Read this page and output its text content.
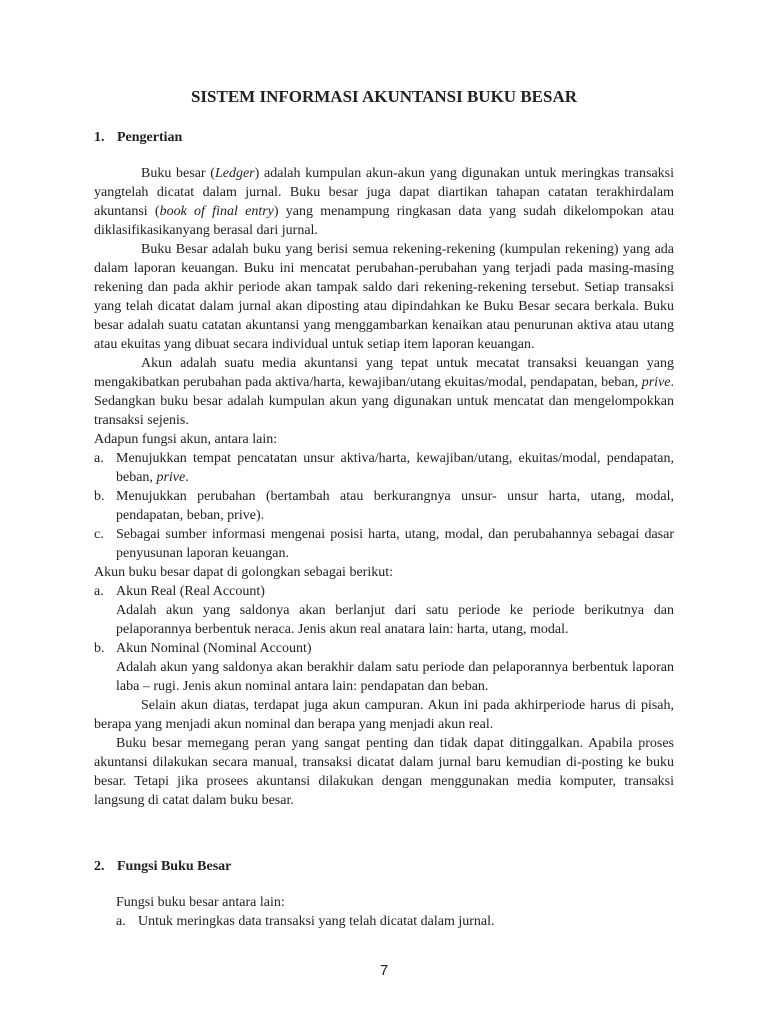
SISTEM INFORMASI AKUNTANSI BUKU BESAR
1. Pengertian

Buku besar (Ledger) adalah kumpulan akun-akun yang digunakan untuk meringkas transaksi yangtelah dicatat dalam jurnal. Buku besar juga dapat diartikan tahapan catatan terakhirdalam akuntansi (book of final entry) yang menampung ringkasan data yang sudah dikelompokan atau diklasifikasikanyang berasal dari jurnal.

Buku Besar adalah buku yang berisi semua rekening-rekening (kumpulan rekening) yang ada dalam laporan keuangan. Buku ini mencatat perubahan-perubahan yang terjadi pada masing-masing rekening dan pada akhir periode akan tampak saldo dari rekening-rekening tersebut. Setiap transaksi yang telah dicatat dalam jurnal akan diposting atau dipindahkan ke Buku Besar secara berkala. Buku besar adalah suatu catatan akuntansi yang menggambarkan kenaikan atau penurunan aktiva atau utang atau ekuitas yang dibuat secara individual untuk setiap item laporan keuangan.

Akun adalah suatu media akuntansi yang tepat untuk mecatat transaksi keuangan yang mengakibatkan perubahan pada aktiva/harta, kewajiban/utang ekuitas/modal, pendapatan, beban, prive. Sedangkan buku besar adalah kumpulan akun yang digunakan untuk mencatat dan mengelompokkan transaksi sejenis.

Adapun fungsi akun, antara lain:

a. Menujukkan tempat pencatatan unsur aktiva/harta, kewajiban/utang, ekuitas/modal, pendapatan, beban, prive.

b. Menujukkan perubahan (bertambah atau berkurangnya unsur- unsur harta, utang, modal, pendapatan, beban, prive).

c. Sebagai sumber informasi mengenai posisi harta, utang, modal, dan perubahannya sebagai dasar penyusunan laporan keuangan.

Akun buku besar dapat di golongkan sebagai berikut:

a. Akun Real (Real Account)

Adalah akun yang saldonya akan berlanjut dari satu periode ke periode berikutnya dan pelaporannya berbentuk neraca. Jenis akun real anatara lain: harta, utang, modal.

b. Akun Nominal (Nominal Account)

Adalah akun yang saldonya akan berakhir dalam satu periode dan pelaporannya berbentuk laporan laba – rugi. Jenis akun nominal antara lain: pendapatan dan beban.

Selain akun diatas, terdapat juga akun campuran. Akun ini pada akhirperiode harus di pisah, berapa yang menjadi akun nominal dan berapa yang menjadi akun real.

Buku besar memegang peran yang sangat penting dan tidak dapat ditinggalkan. Apabila proses akuntansi dilakukan secara manual, transaksi dicatat dalam jurnal baru kemudian di-posting ke buku besar. Tetapi jika prosees akuntansi dilakukan dengan menggunakan media komputer, transaksi langsung di catat dalam buku besar.

2. Fungsi Buku Besar

Fungsi buku besar antara lain:

a. Untuk meringkas data transaksi yang telah dicatat dalam jurnal.

7
